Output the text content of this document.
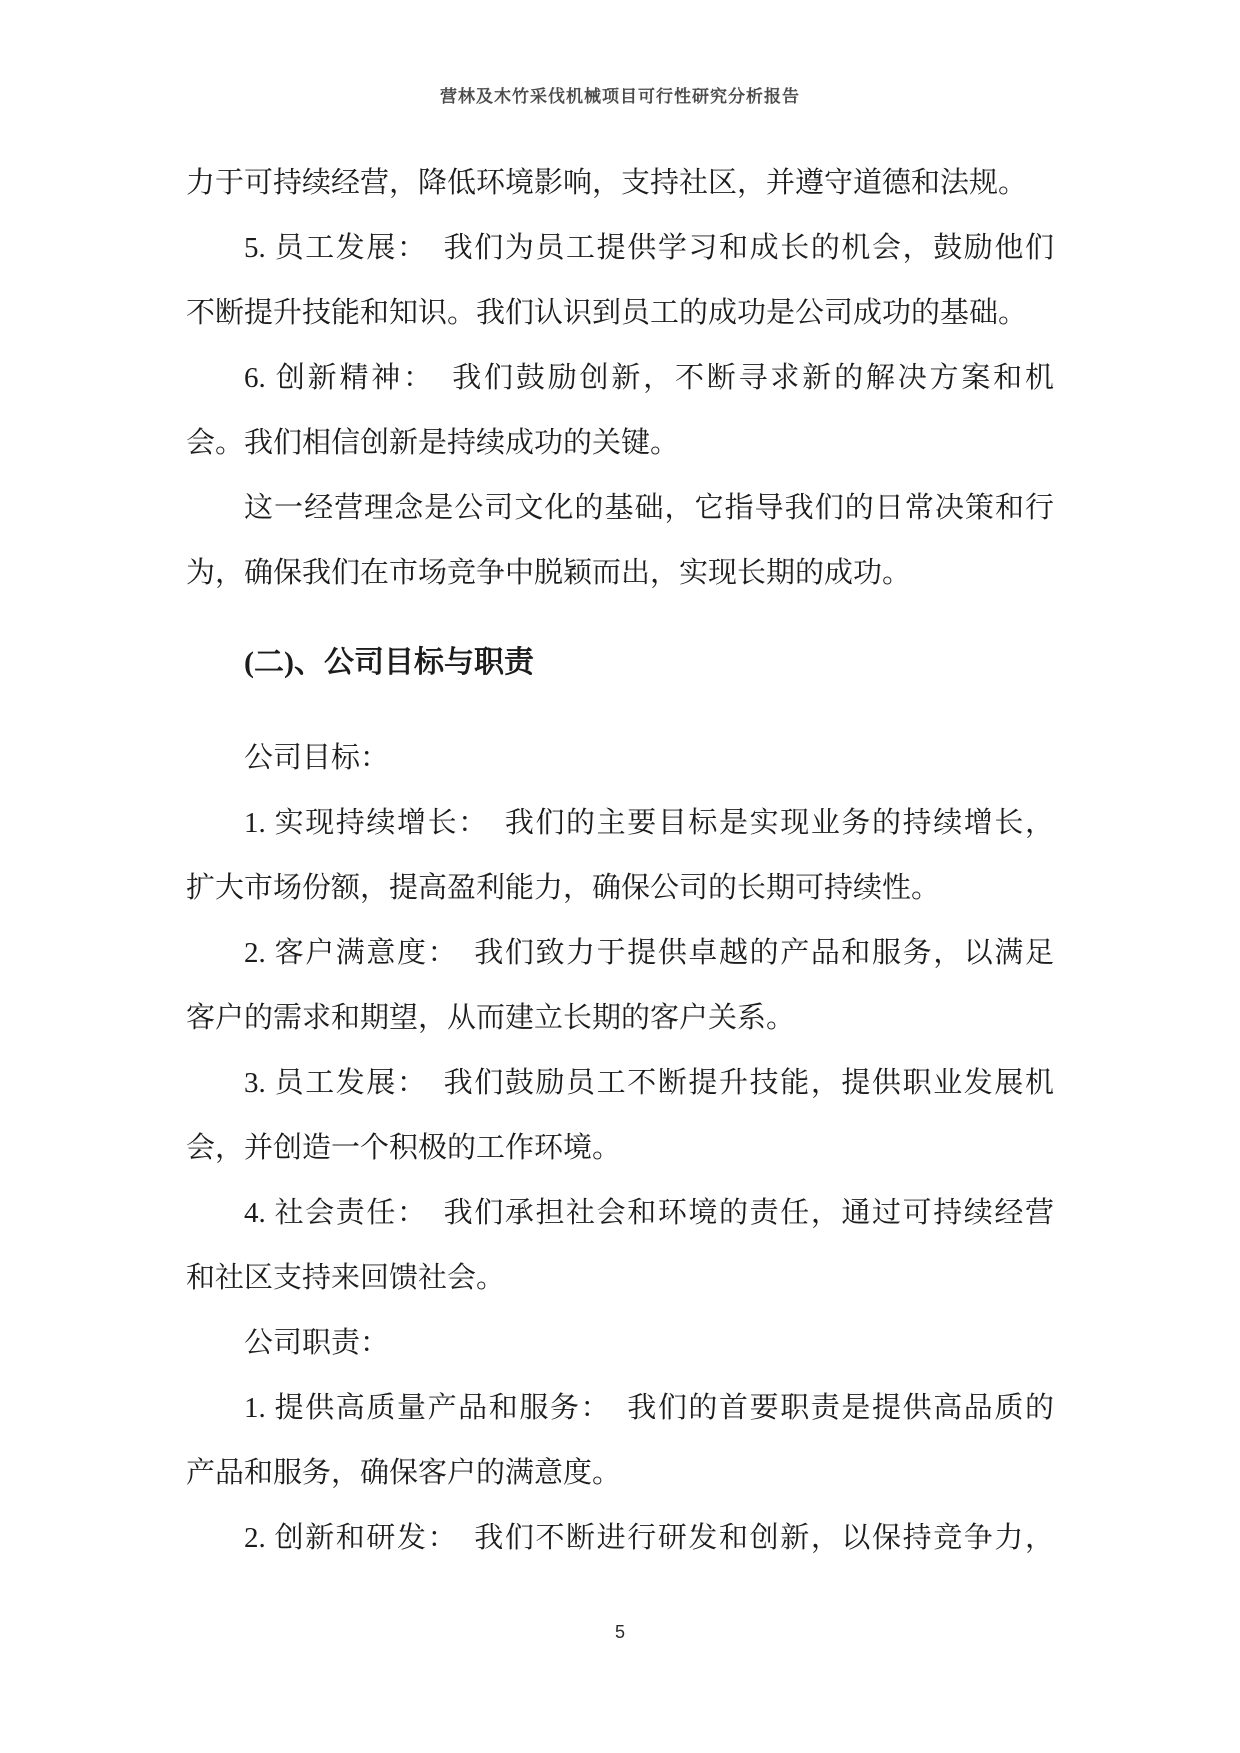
营林及木竹采伐机械项目可行性研究分析报告
力于可持续经营，降低环境影响，支持社区，并遵守道德和法规。
5. 员工发展：　我们为员工提供学习和成长的机会，鼓励他们
不断提升技能和知识。我们认识到员工的成功是公司成功的基础。
6. 创新精神：　我们鼓励创新，不断寻求新的解决方案和机
会。我们相信创新是持续成功的关键。
这一经营理念是公司文化的基础，它指导我们的日常决策和行
为，确保我们在市场竞争中脱颖而出，实现长期的成功。
(二)、公司目标与职责
公司目标：
1. 实现持续增长：　我们的主要目标是实现业务的持续增长，
扩大市场份额，提高盈利能力，确保公司的长期可持续性。
2. 客户满意度：　我们致力于提供卓越的产品和服务，以满足
客户的需求和期望，从而建立长期的客户关系。
3. 员工发展：　我们鼓励员工不断提升技能，提供职业发展机
会，并创造一个积极的工作环境。
4. 社会责任：　我们承担社会和环境的责任，通过可持续经营
和社区支持来回馈社会。
公司职责：
1. 提供高质量产品和服务：　我们的首要职责是提供高品质的
产品和服务，确保客户的满意度。
2. 创新和研发：　我们不断进行研发和创新，以保持竞争力，
5
